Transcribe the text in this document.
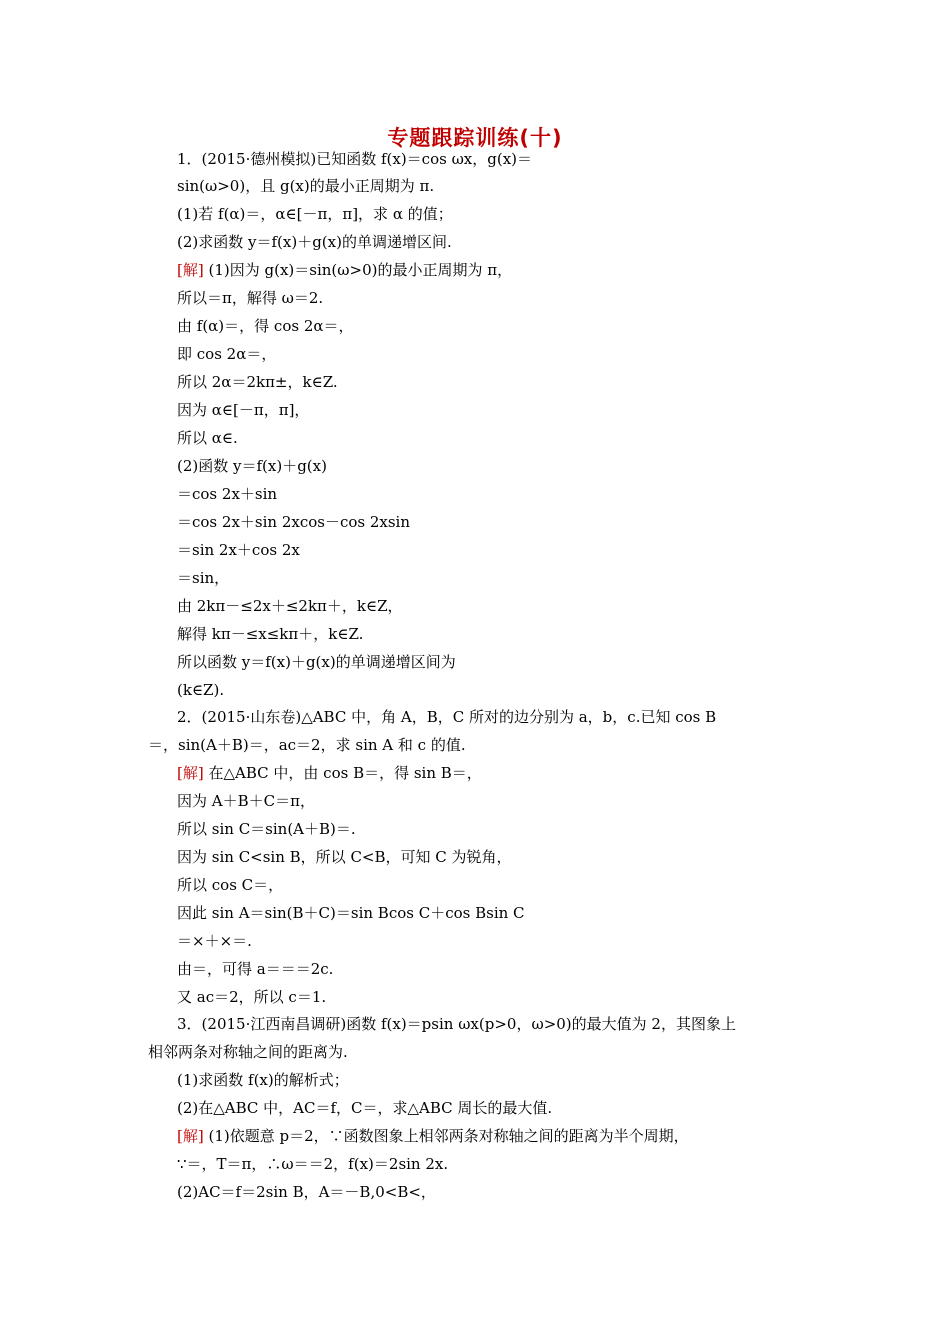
专题跟踪训练(十)
1．(2015·德州模拟)已知函数 f(x)＝cos ωx，g(x)＝
sin(ω>0)，且 g(x)的最小正周期为 π.
(1)若 f(α)＝，α∈[－π，π]，求 α 的值；
(2)求函数 y＝f(x)＋g(x)的单调递增区间.
[解] (1)因为 g(x)＝sin(ω>0)的最小正周期为 π，
所以＝π，解得 ω＝2.
由 f(α)＝，得 cos 2α＝，
即 cos 2α＝，
所以 2α＝2kπ±，k∈Z.
因为 α∈[－π，π]，
所以 α∈.
(2)函数 y＝f(x)＋g(x)
＝cos 2x＋sin
＝cos 2x＋sin 2xcos－cos 2xsin
＝sin 2x＋cos 2x
＝sin，
由 2kπ－≤2x＋≤2kπ＋，k∈Z，
解得 kπ－≤x≤kπ＋，k∈Z.
所以函数 y＝f(x)＋g(x)的单调递增区间为
(k∈Z).
2．(2015·山东卷)△ABC 中，角 A，B，C 所对的边分别为 a，b，c.已知 cos B
＝，sin(A＋B)＝，ac＝2，求 sin A 和 c 的值.
[解] 在△ABC 中，由 cos B＝，得 sin B＝，
因为 A＋B＋C＝π，
所以 sin C＝sin(A＋B)＝.
因为 sin C<sin B，所以 C<B，可知 C 为锐角，
所以 cos C＝，
因此 sin A＝sin(B＋C)＝sin Bcos C＋cos Bsin C
＝×＋×＝.
由＝，可得 a＝＝＝2c.
又 ac＝2，所以 c＝1.
3．(2015·江西南昌调研)函数 f(x)＝psin ωx(p>0，ω>0)的最大值为 2，其图象上
相邻两条对称轴之间的距离为.
(1)求函数 f(x)的解析式；
(2)在△ABC 中，AC＝f，C＝，求△ABC 周长的最大值.
[解] (1)依题意 p＝2，∵函数图象上相邻两条对称轴之间的距离为半个周期，
∵＝，T＝π，∴ω＝＝2，f(x)＝2sin 2x.
(2)AC＝f＝2sin B，A＝－B,0<B<，
